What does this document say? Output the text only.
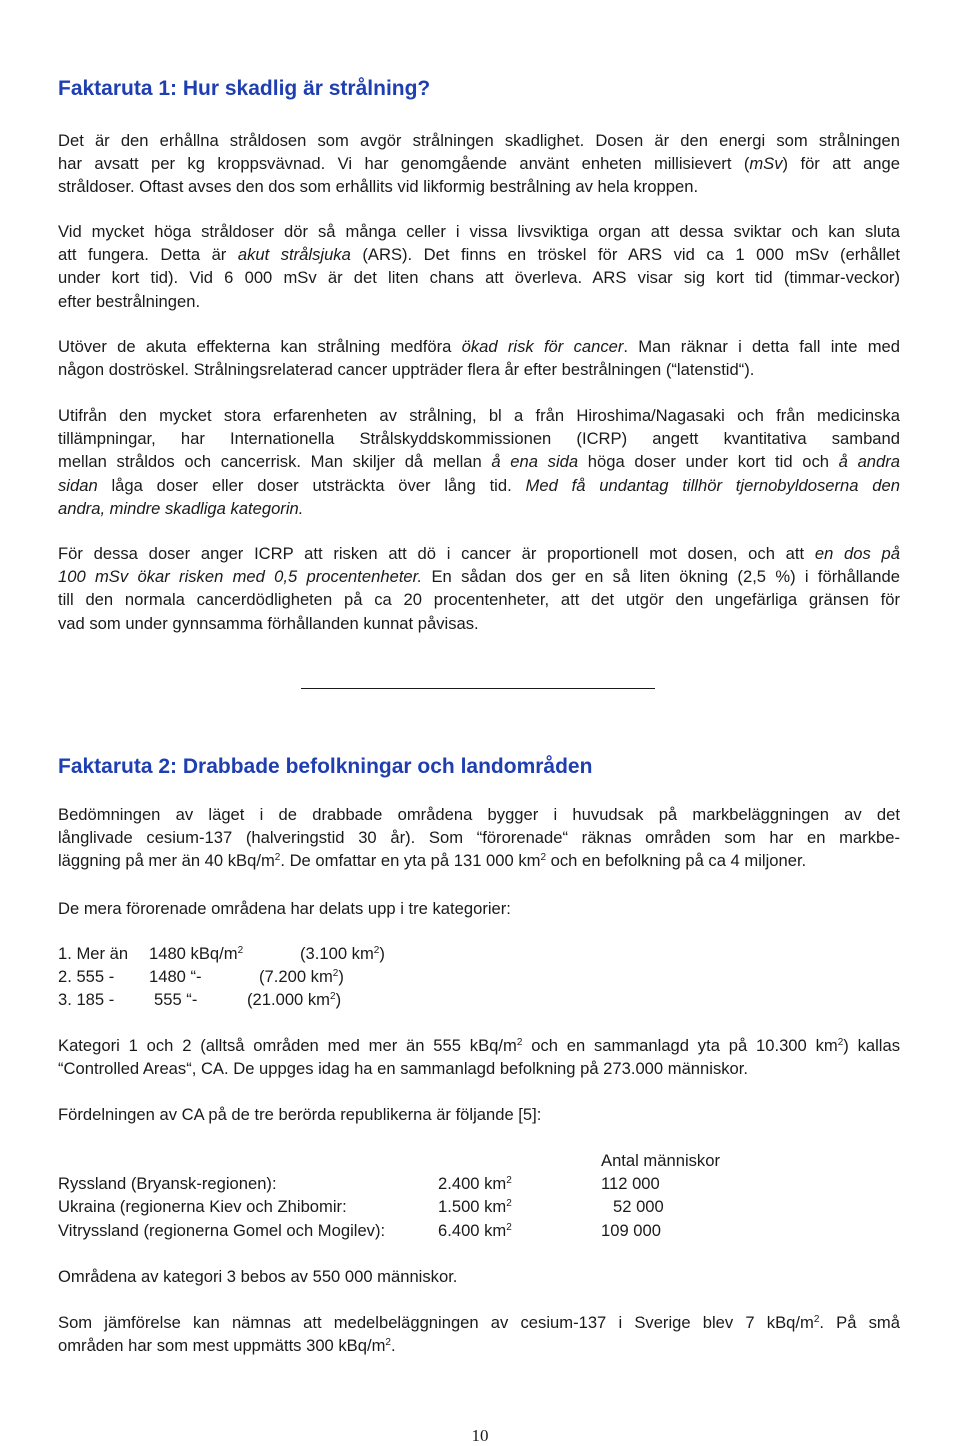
Faktaruta 1: Hur skadlig är strålning?
Det är den erhållna stråldosen som avgör strålningen skadlighet. Dosen är den energi som strålningen
har avsatt per kg kroppsvävnad. Vi har genomgående använt enheten millisievert (mSv) för att ange
stråldoser. Oftast avses den dos som erhållits vid likformig bestrålning av hela kroppen.
Vid mycket höga stråldoser dör så många celler i vissa livsviktiga organ att dessa sviktar och kan sluta
att fungera. Detta är akut strålsjuka (ARS). Det finns en tröskel för ARS vid ca 1 000 mSv (erhållet
under kort tid). Vid 6 000 mSv är det liten chans att överleva. ARS visar sig kort tid (timmar-veckor)
efter bestrålningen.
Utöver de akuta effekterna kan strålning medföra ökad risk för cancer. Man räknar i detta fall inte med
någon doströskel. Strålningsrelaterad cancer uppträder flera år efter bestrålningen (“latenstid“).
Utifrån den mycket stora erfarenheten av strålning, bl a från Hiroshima/Nagasaki och från medicinska
tillämpningar, har Internationella Strålskyddskommissionen (ICRP) angett kvantitativa samband
mellan stråldos och cancerrisk. Man skiljer då mellan å ena sida höga doser under kort tid och å andra
sidan låga doser eller doser utsträckta över lång tid. Med få undantag tillhör tjernobyldoserna den
andra, mindre skadliga kategorin.
För dessa doser anger ICRP att risken att dö i cancer är proportionell mot dosen, och att en dos på
100 mSv ökar risken med 0,5 procentenheter. En sådan dos ger en så liten ökning (2,5 %) i förhållande
till den normala cancerdödligheten på ca 20 procentenheter, att det utgör den ungefärliga gränsen för
vad som under gynnsamma förhållanden kunnat påvisas.
Faktaruta 2: Drabbade befolkningar och landområden
Bedömningen av läget i de drabbade områdena bygger i huvudsak på markbeläggningen av det
långlivade cesium-137 (halveringstid 30 år). Som “förorenade“ räknas områden som har en markbe-
läggning på mer än 40 kBq/$m^2$. De omfattar en yta på 131 000 $km^2$ och en befolkning på ca 4 miljoner.
De mera förorenade områdena har delats upp i tre kategorier:
1. Mer än 1480 kBq/$m^2$	(3.100 $km^2$)
2. 555 - 1480 “-	(7.200 $km^2$)
3. 185 - 555 “-	(21.000 $km^2$)
Kategori 1 och 2 (alltså områden med mer än 555 kBq/$m^2$ och en sammanlagd yta på 10.300 $km^2$) kallas
“Controlled Areas“, CA. De uppges idag ha en sammanlagd befolkning på 273.000 människor.
Fördelningen av CA på de tre berörda republikerna är följande [5]:
Antal människor
Ryssland (Bryansk-regionen):	2.400 $km^2$	112 000
Ukraina (regionerna Kiev och Zhibomir:	1.500 $km^2$	52 000
Vitryssland (regionerna Gomel och Mogilev):	6.400 $km^2$	109 000
Områdena av kategori 3 bebos av 550 000 människor.
Som jämförelse kan nämnas att medelbeläggningen av cesium-137 i Sverige blev 7 kBq/$m^2$. På små
områden har som mest uppmätts 300 kBq/$m^2$.
10
